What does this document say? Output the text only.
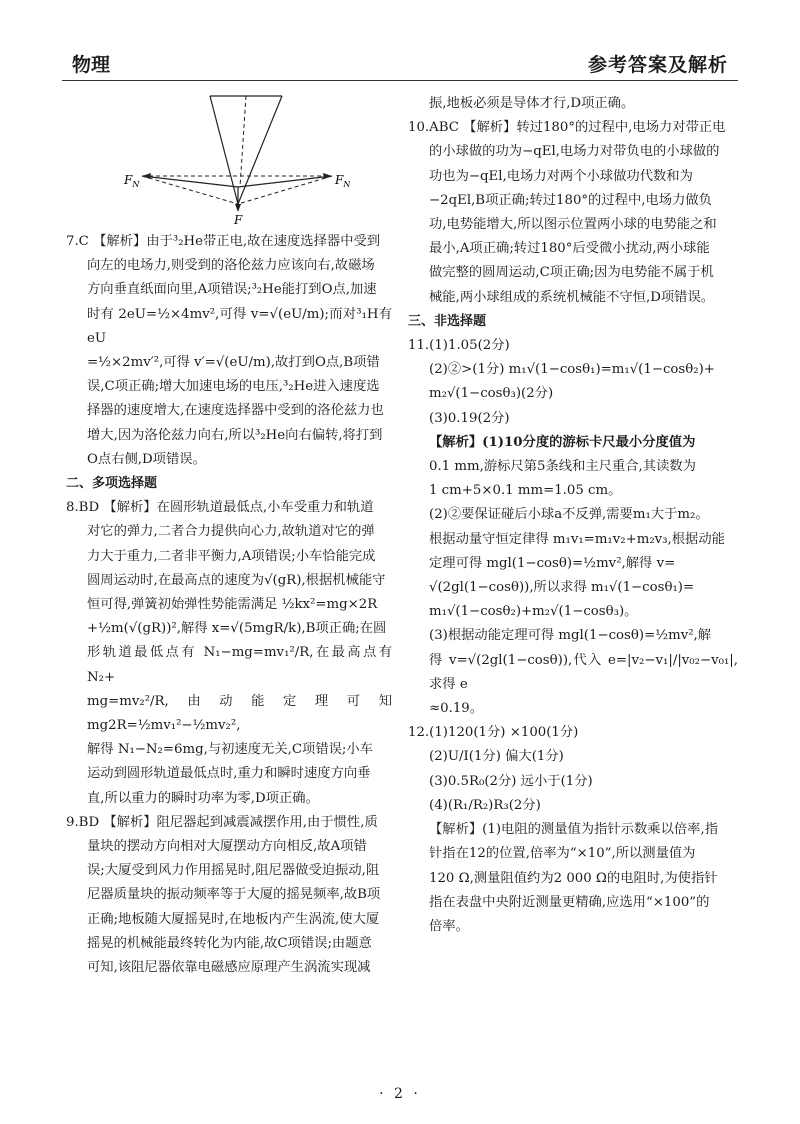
物理	参考答案及解析
$F_N$	$F_N$
F
7.C 【解析】由于³₂He带正电,故在速度选择器中受到
向左的电场力,则受到的洛伦兹力应该向右,故磁场
方向垂直纸面向里,A项错误;³₂He能打到O点,加速
时有 2eU=½×4mv²,可得 v=√(eU/m);而对³₁H有 eU
=½×2mv′²,可得 v′=√(eU/m),故打到O点,B项错
误,C项正确;增大加速电场的电压,³₂He进入速度选
择器的速度增大,在速度选择器中受到的洛伦兹力也
增大,因为洛伦兹力向右,所以³₂He向右偏转,将打到
O点右侧,D项错误。
二、多项选择题
8.BD 【解析】在圆形轨道最低点,小车受重力和轨道
对它的弹力,二者合力提供向心力,故轨道对它的弹
力大于重力,二者非平衡力,A项错误;小车恰能完成
圆周运动时,在最高点的速度为√(gR),根据机械能守
恒可得,弹簧初始弹性势能需满足 ½kx²=mg×2R
+½m(√(gR))²,解得 x=√(5mgR/k),B项正确;在圆
形轨道最低点有 N₁−mg=mv₁²/R,在最高点有 N₂+
mg=mv₂²/R,由动能定理可知 mg2R=½mv₁²−½mv₂²,
解得 N₁−N₂=6mg,与初速度无关,C项错误;小车
运动到圆形轨道最低点时,重力和瞬时速度方向垂
直,所以重力的瞬时功率为零,D项正确。
9.BD 【解析】阻尼器起到减震减摆作用,由于惯性,质
量块的摆动方向相对大厦摆动方向相反,故A项错
误;大厦受到风力作用摇晃时,阻尼器做受迫振动,阻
尼器质量块的振动频率等于大厦的摇晃频率,故B项
正确;地板随大厦摇晃时,在地板内产生涡流,使大厦
摇晃的机械能最终转化为内能,故C项错误;由题意
可知,该阻尼器依靠电磁感应原理产生涡流实现减
振,地板必须是导体才行,D项正确。
10.ABC 【解析】转过180°的过程中,电场力对带正电
的小球做的功为−qEl,电场力对带负电的小球做的
功也为−qEl,电场力对两个小球做功代数和为
−2qEl,B项正确;转过180°的过程中,电场力做负
功,电势能增大,所以图示位置两小球的电势能之和
最小,A项正确;转过180°后受微小扰动,两小球能
做完整的圆周运动,C项正确;因为电势能不属于机
械能,两小球组成的系统机械能不守恒,D项错误。
三、非选择题
11.(1)1.05(2分)
(2)②>(1分) m₁√(1−cosθ₁)=m₁√(1−cosθ₂)+
m₂√(1−cosθ₃)(2分)
(3)0.19(2分)
【解析】(1)10分度的游标卡尺最小分度值为
0.1 mm,游标尺第5条线和主尺重合,其读数为
1 cm+5×0.1 mm=1.05 cm。
(2)②要保证碰后小球a不反弹,需要m₁大于m₂。
根据动量守恒定律得 m₁v₁=m₁v₂+m₂v₃,根据动能
定理可得 mgl(1−cosθ)=½mv²,解得 v=
√(2gl(1−cosθ)),所以求得 m₁√(1−cosθ₁)=
m₁√(1−cosθ₂)+m₂√(1−cosθ₃)。
(3)根据动能定理可得 mgl(1−cosθ)=½mv²,解
得 v=√(2gl(1−cosθ)),代入 e=|v₂−v₁|/|v₀₂−v₀₁|,求得 e
≈0.19。
12.(1)120(1分) ×100(1分)
(2)U/I(1分) 偏大(1分)
(3)0.5R₀(2分) 远小于(1分)
(4)(R₁/R₂)R₃(2分)
【解析】(1)电阻的测量值为指针示数乘以倍率,指
针指在12的位置,倍率为“×10”,所以测量值为
120 Ω,测量阻值约为2 000 Ω的电阻时,为使指针
指在表盘中央附近测量更精确,应选用“×100”的
倍率。
· 2 ·
